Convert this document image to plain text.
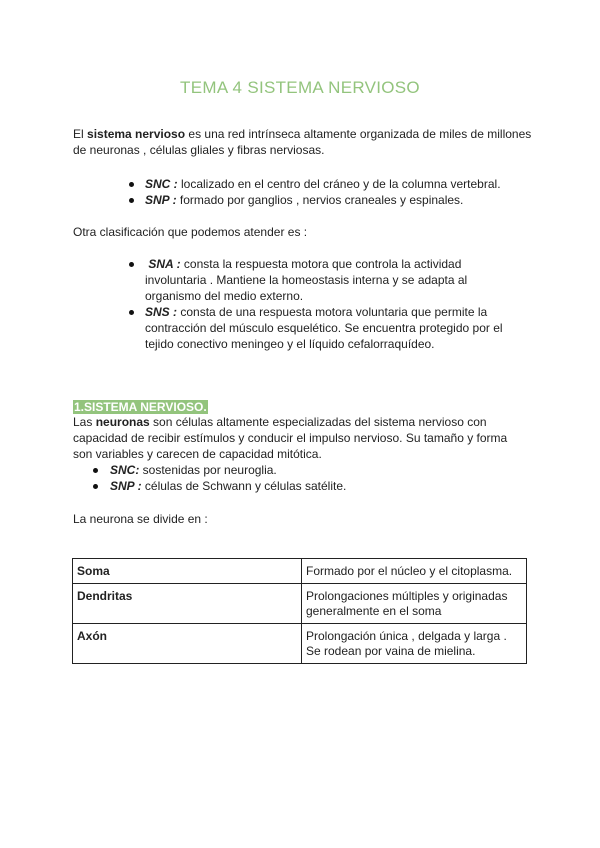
TEMA 4 SISTEMA NERVIOSO
El sistema nervioso es una red intrínseca altamente organizada de miles de millones de neuronas , células gliales y fibras nerviosas.
SNC : localizado en el centro del cráneo y de la columna vertebral.
SNP : formado por ganglios , nervios craneales y espinales.
Otra clasificación que podemos atender es :
SNA : consta la respuesta motora que controla la actividad involuntaria . Mantiene la homeostasis interna y se adapta al organismo del medio externo.
SNS : consta de una respuesta motora voluntaria que permite la contracción del músculo esquelético. Se encuentra protegido por el tejido conectivo meningeo y el líquido cefalorraquídeo.
1.SISTEMA NERVIOSO.
Las neuronas son células altamente especializadas del sistema nervioso con capacidad de recibir estímulos y conducir el impulso nervioso. Su tamaño y forma son variables y carecen de capacidad mitótica.
SNC: sostenidas por neuroglia.
SNP : células de Schwann y células satélite.
La neurona se divide en :
Soma	Formado por el núcleo y el citoplasma.
Dendritas	Prolongaciones múltiples y originadas generalmente en el soma
Axón	Prolongación única , delgada y larga . Se rodean por vaina de mielina.
